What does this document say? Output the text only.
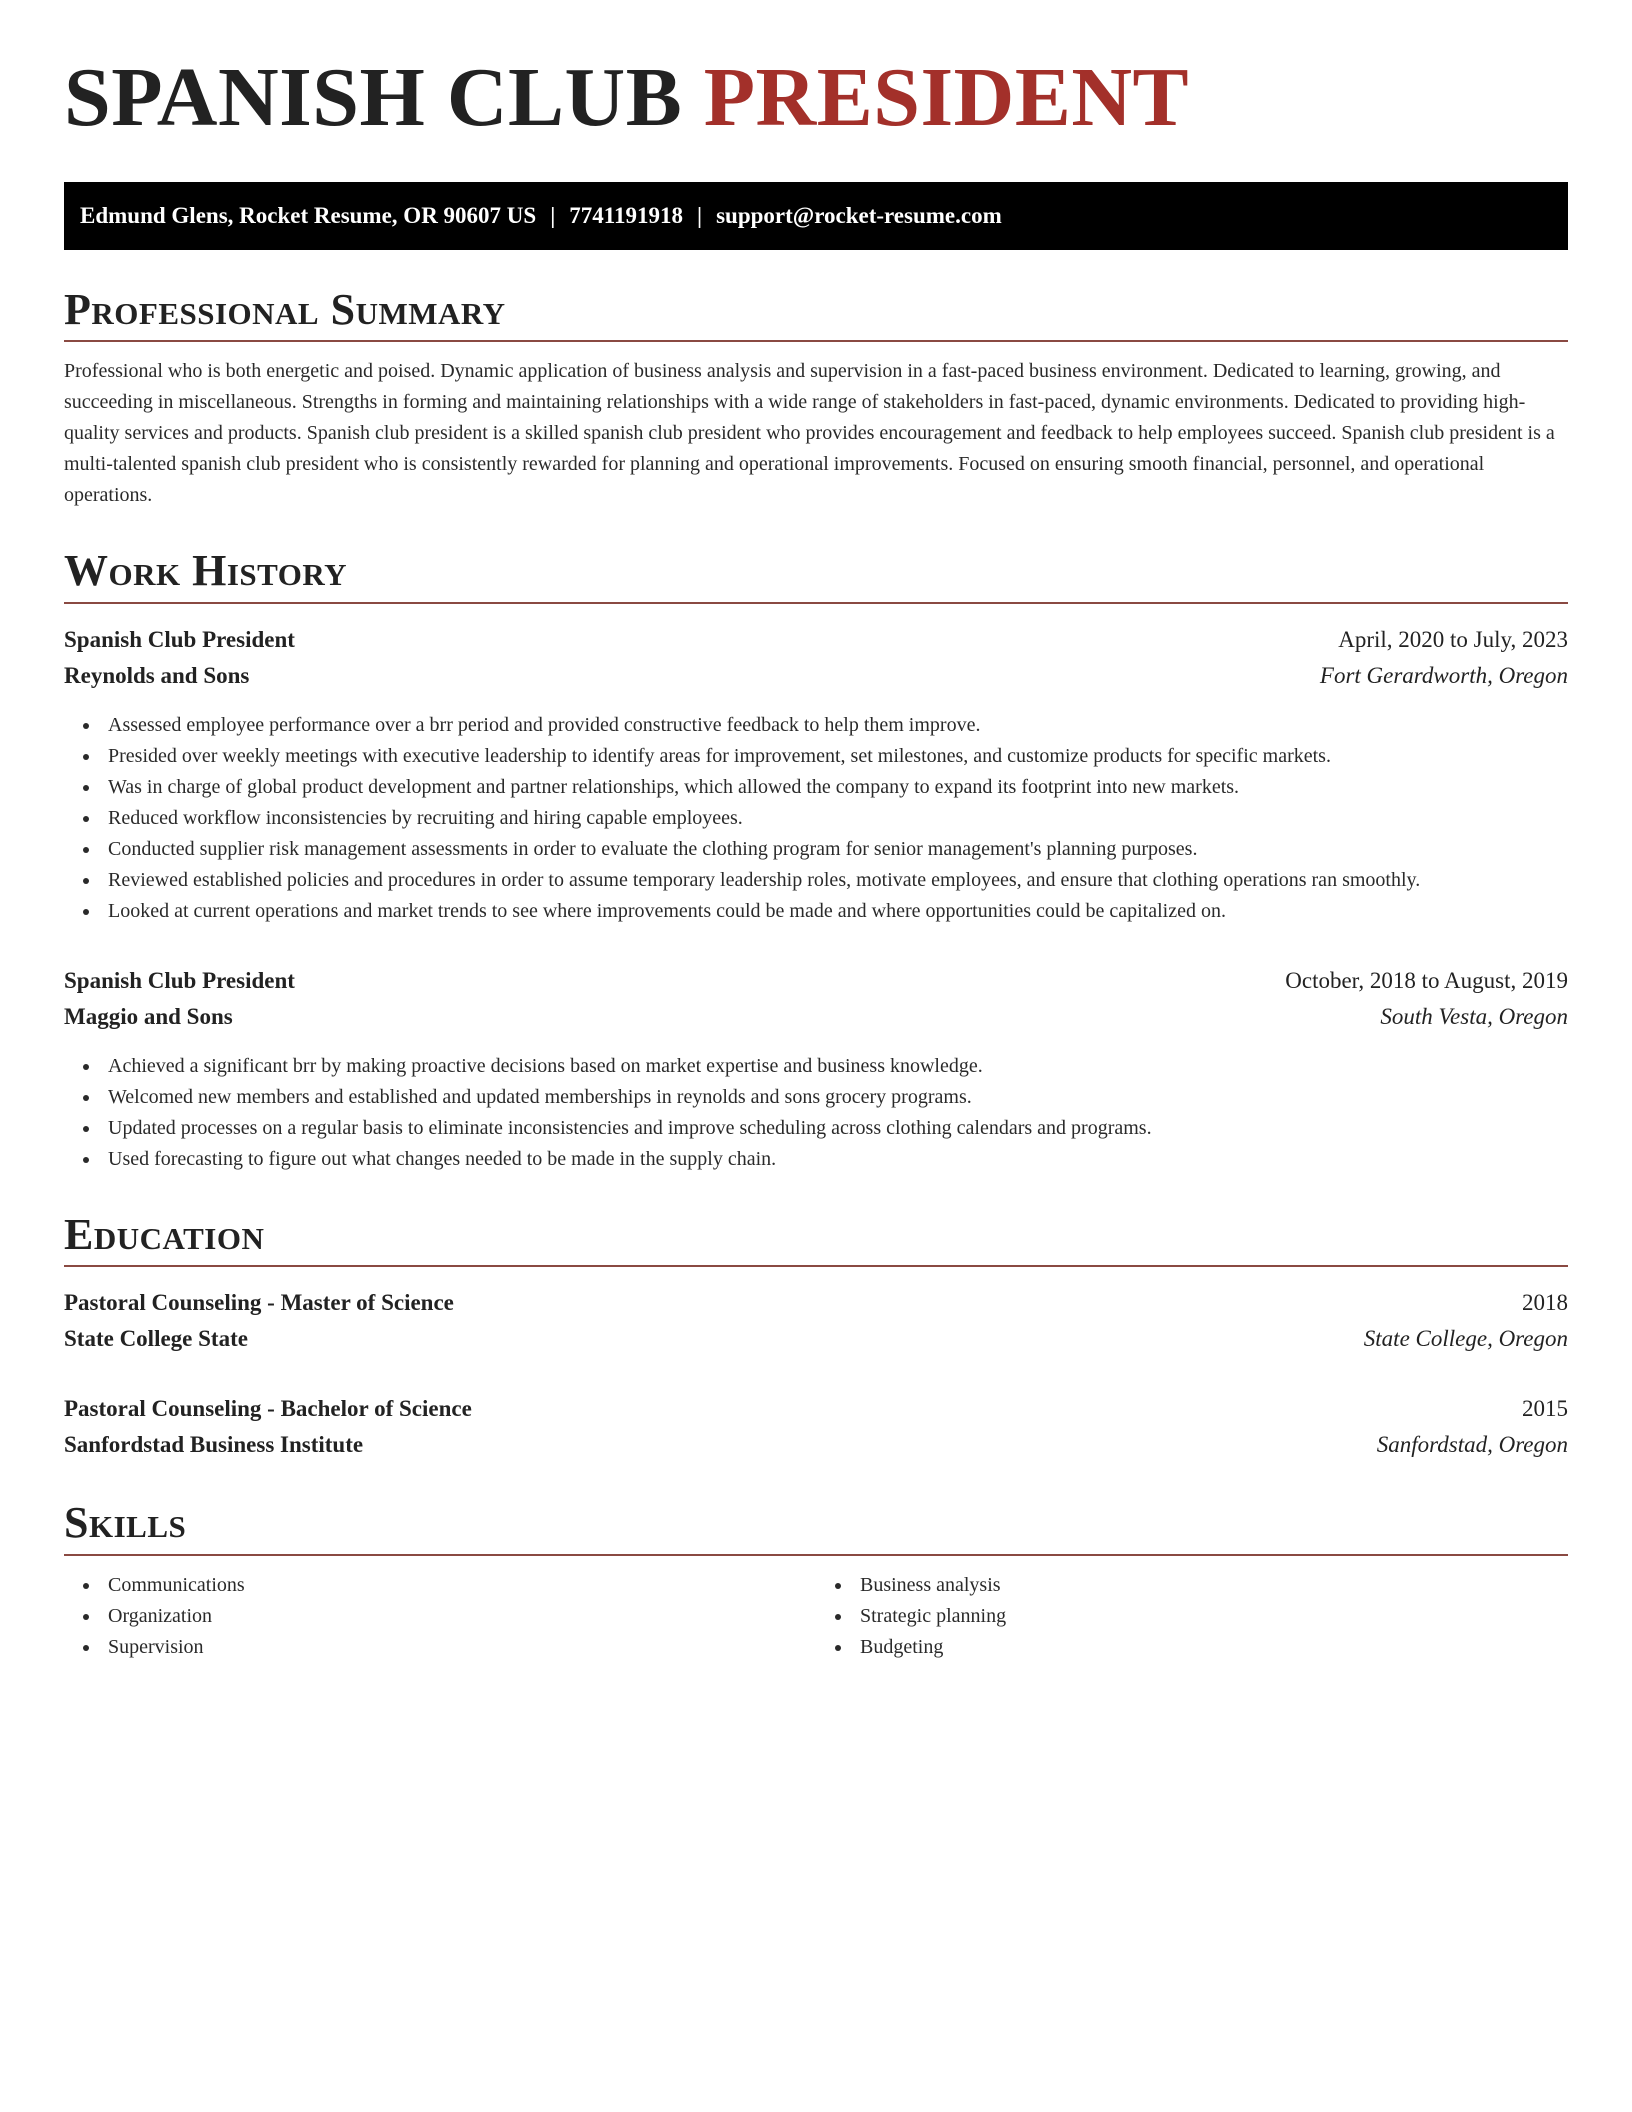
SPANISH CLUB PRESIDENT
Edmund Glens, Rocket Resume, OR 90607 US | 7741191918 | support@rocket-resume.com
Professional Summary

Professional who is both energetic and poised. Dynamic application of business analysis and supervision in a fast-paced business environment. Dedicated to learning, growing, and succeeding in miscellaneous. Strengths in forming and maintaining relationships with a wide range of stakeholders in fast-paced, dynamic environments. Dedicated to providing high-quality services and products. Spanish club president is a skilled spanish club president who provides encouragement and feedback to help employees succeed. Spanish club president is a multi-talented spanish club president who is consistently rewarded for planning and operational improvements. Focused on ensuring smooth financial, personnel, and operational operations.

Work History
Spanish Club President	April, 2020 to July, 2023
Reynolds and Sons	Fort Gerardworth, Oregon
Assessed employee performance over a brr period and provided constructive feedback to help them improve.
Presided over weekly meetings with executive leadership to identify areas for improvement, set milestones, and customize products for specific markets.
Was in charge of global product development and partner relationships, which allowed the company to expand its footprint into new markets.
Reduced workflow inconsistencies by recruiting and hiring capable employees.
Conducted supplier risk management assessments in order to evaluate the clothing program for senior management's planning purposes.
Reviewed established policies and procedures in order to assume temporary leadership roles, motivate employees, and ensure that clothing operations ran smoothly.
Looked at current operations and market trends to see where improvements could be made and where opportunities could be capitalized on.
Spanish Club President	October, 2018 to August, 2019
Maggio and Sons	South Vesta, Oregon
Achieved a significant brr by making proactive decisions based on market expertise and business knowledge.
Welcomed new members and established and updated memberships in reynolds and sons grocery programs.
Updated processes on a regular basis to eliminate inconsistencies and improve scheduling across clothing calendars and programs.
Used forecasting to figure out what changes needed to be made in the supply chain.
Education
Pastoral Counseling - Master of Science	2018
State College State	State College, Oregon
Pastoral Counseling - Bachelor of Science	2015
Sanfordstad Business Institute	Sanfordstad, Oregon
Skills
Communications
Organization
Supervision
Business analysis
Strategic planning
Budgeting
